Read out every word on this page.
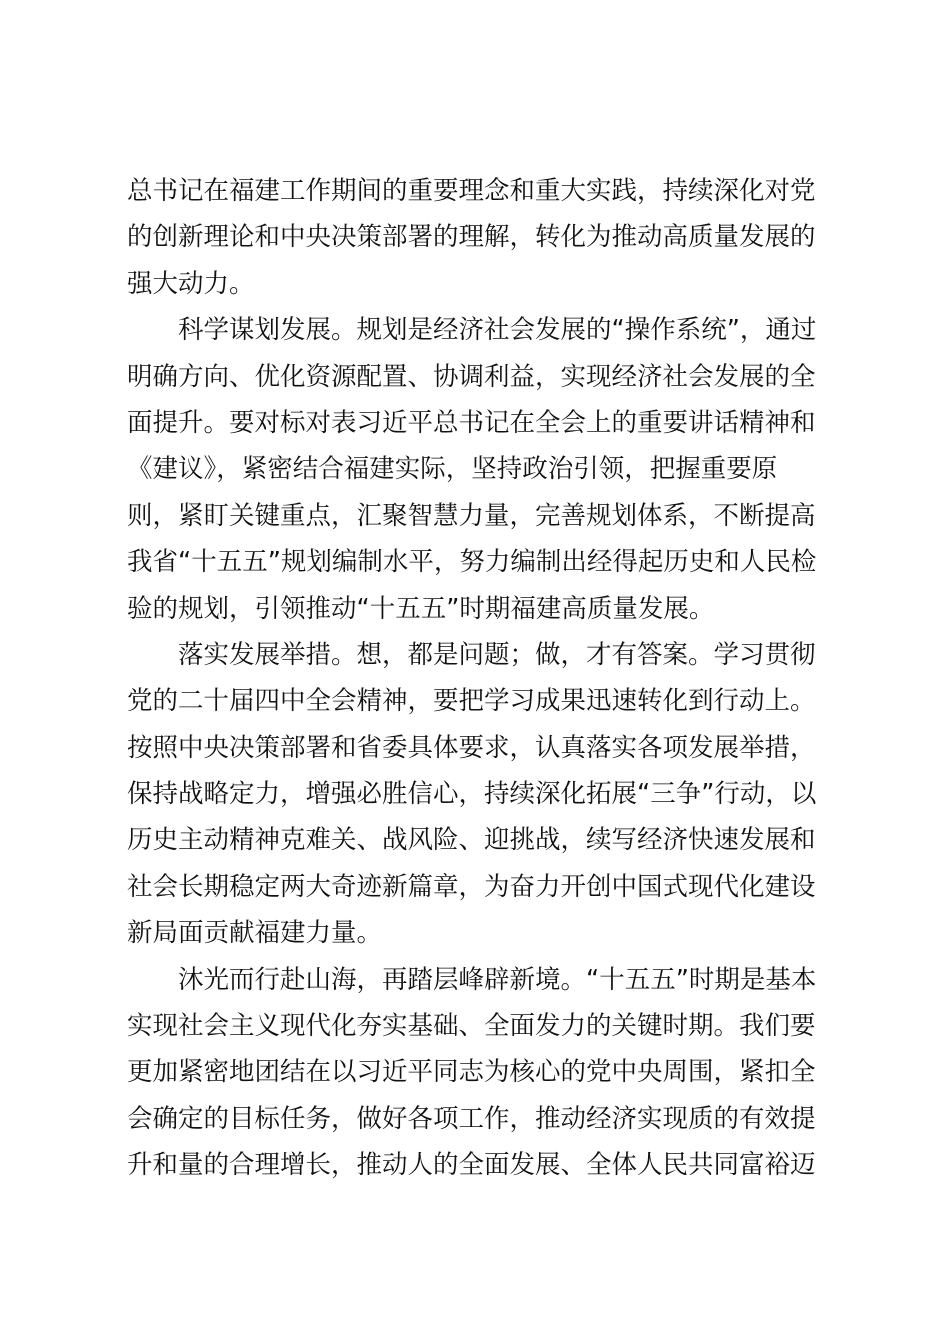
总书记在福建工作期间的重要理念和重大实践，持续深化对党
的创新理论和中央决策部署的理解，转化为推动高质量发展的
强大动力。
科学谋划发展。规划是经济社会发展的“操作系统”，通过
明确方向、优化资源配置、协调利益，实现经济社会发展的全
面提升。要对标对表习近平总书记在全会上的重要讲话精神和
《建议》，紧密结合福建实际，坚持政治引领，把握重要原
则，紧盯关键重点，汇聚智慧力量，完善规划体系，不断提高
我省“十五五”规划编制水平，努力编制出经得起历史和人民检
验的规划，引领推动“十五五”时期福建高质量发展。
落实发展举措。想，都是问题；做，才有答案。学习贯彻
党的二十届四中全会精神，要把学习成果迅速转化到行动上。
按照中央决策部署和省委具体要求，认真落实各项发展举措，
保持战略定力，增强必胜信心，持续深化拓展“三争”行动，以
历史主动精神克难关、战风险、迎挑战，续写经济快速发展和
社会长期稳定两大奇迹新篇章，为奋力开创中国式现代化建设
新局面贡献福建力量。
沐光而行赴山海，再踏层峰辟新境。“十五五”时期是基本
实现社会主义现代化夯实基础、全面发力的关键时期。我们要
更加紧密地团结在以习近平同志为核心的党中央周围，紧扣全
会确定的目标任务，做好各项工作，推动经济实现质的有效提
升和量的合理增长，推动人的全面发展、全体人民共同富裕迈
